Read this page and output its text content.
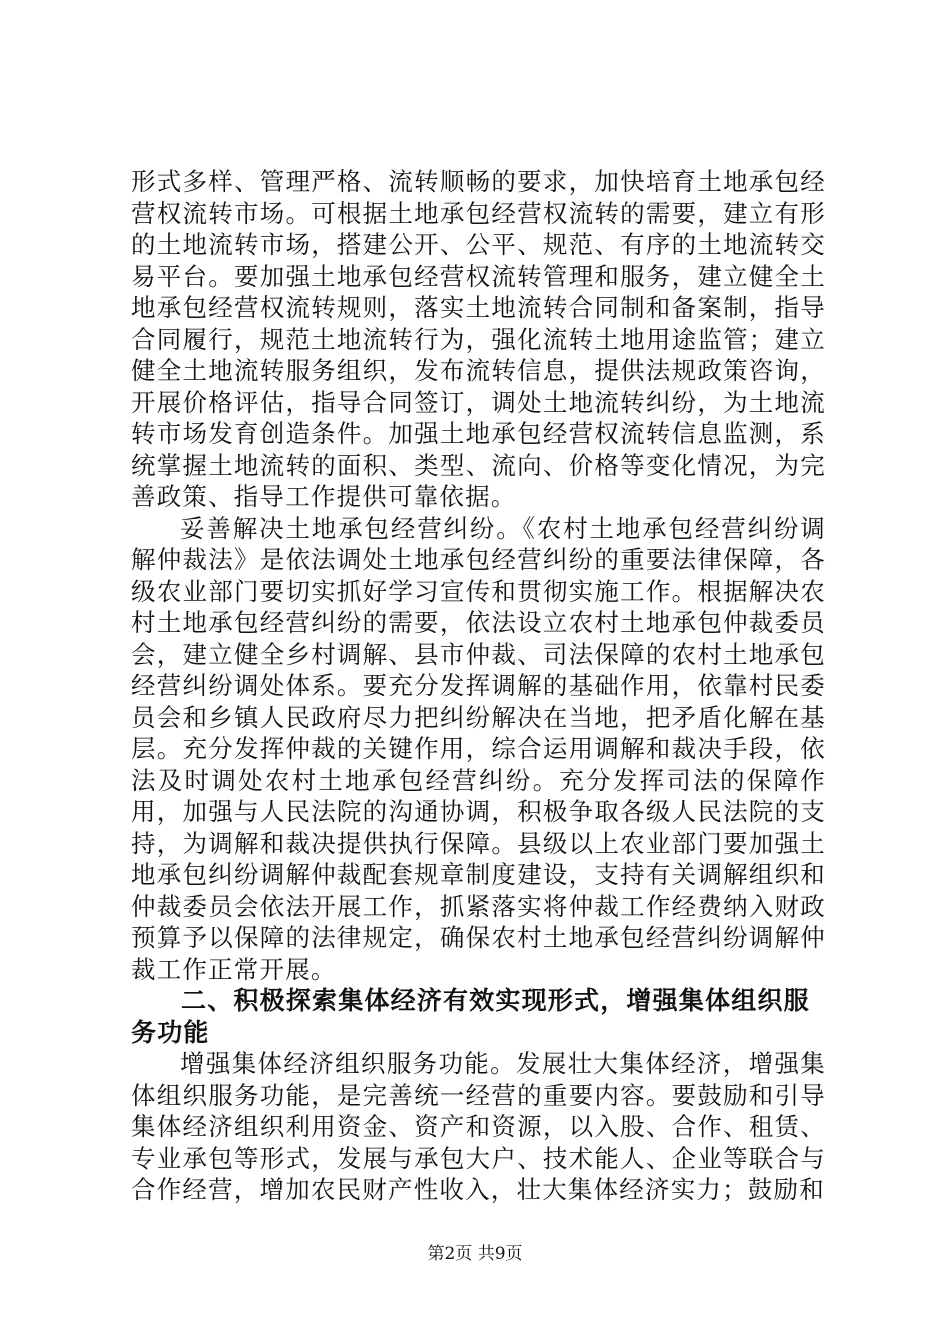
形式多样、管理严格、流转顺畅的要求，加快培育土地承包经营权流转市场。可根据土地承包经营权流转的需要，建立有形的土地流转市场，搭建公开、公平、规范、有序的土地流转交易平台。要加强土地承包经营权流转管理和服务，建立健全土地承包经营权流转规则，落实土地流转合同制和备案制，指导合同履行，规范土地流转行为，强化流转土地用途监管；建立健全土地流转服务组织，发布流转信息，提供法规政策咨询，开展价格评估，指导合同签订，调处土地流转纠纷，为土地流转市场发育创造条件。加强土地承包经营权流转信息监测，系统掌握土地流转的面积、类型、流向、价格等变化情况，为完善政策、指导工作提供可靠依据。

妥善解决土地承包经营纠纷。《农村土地承包经营纠纷调解仲裁法》是依法调处土地承包经营纠纷的重要法律保障，各级农业部门要切实抓好学习宣传和贯彻实施工作。根据解决农村土地承包经营纠纷的需要，依法设立农村土地承包仲裁委员会，建立健全乡村调解、县市仲裁、司法保障的农村土地承包经营纠纷调处体系。要充分发挥调解的基础作用，依靠村民委员会和乡镇人民政府尽力把纠纷解决在当地，把矛盾化解在基层。充分发挥仲裁的关键作用，综合运用调解和裁决手段，依法及时调处农村土地承包经营纠纷。充分发挥司法的保障作用，加强与人民法院的沟通协调，积极争取各级人民法院的支持，为调解和裁决提供执行保障。县级以上农业部门要加强土地承包纠纷调解仲裁配套规章制度建设，支持有关调解组织和仲裁委员会依法开展工作，抓紧落实将仲裁工作经费纳入财政预算予以保障的法律规定，确保农村土地承包经营纠纷调解仲裁工作正常开展。

二、积极探索集体经济有效实现形式，增强集体组织服务功能

增强集体经济组织服务功能。发展壮大集体经济，增强集体组织服务功能，是完善统一经营的重要内容。要鼓励和引导集体经济组织利用资金、资产和资源，以入股、合作、租赁、专业承包等形式，发展与承包大户、技术能人、企业等联合与合作经营，增加农民财产性收入，壮大集体经济实力；鼓励和

第2页 共9页
